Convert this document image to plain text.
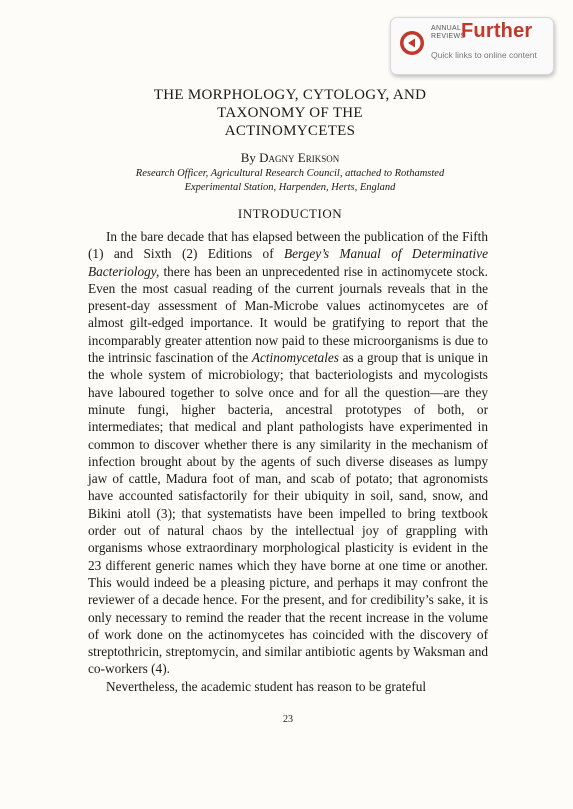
ANNUAL
REVIEWS
Further
Quick links to online content
THE MORPHOLOGY, CYTOLOGY, AND
TAXONOMY OF THE
ACTINOMYCETES
By Dagny Erikson
Research Officer, Agricultural Research Council, attached to Rothamsted
Experimental Station, Harpenden, Herts, England
INTRODUCTION

In the bare decade that has elapsed between the publication of the Fifth (1) and Sixth (2) Editions of Bergey’s Manual of Determinative Bacteriology, there has been an unprecedented rise in actinomycete stock. Even the most casual reading of the current journals reveals that in the present-day assessment of Man-Microbe values actinomycetes are of almost gilt-edged importance. It would be gratifying to report that the incomparably greater attention now paid to these microorganisms is due to the intrinsic fascination of the Actinomycetales as a group that is unique in the whole system of microbiology; that bacteriologists and mycologists have laboured together to solve once and for all the question—are they minute fungi, higher bacteria, ancestral prototypes of both, or intermediates; that medical and plant pathologists have experimented in common to discover whether there is any similarity in the mechanism of infection brought about by the agents of such diverse diseases as lumpy jaw of cattle, Madura foot of man, and scab of potato; that agronomists have accounted satisfactorily for their ubiquity in soil, sand, snow, and Bikini atoll (3); that systematists have been impelled to bring textbook order out of natural chaos by the intellectual joy of grappling with organisms whose extraordinary morphological plasticity is evident in the 23 different generic names which they have borne at one time or another. This would indeed be a pleasing picture, and perhaps it may confront the reviewer of a decade hence. For the present, and for credibility’s sake, it is only necessary to remind the reader that the recent increase in the volume of work done on the actinomycetes has coincided with the discovery of streptothricin, streptomycin, and similar antibiotic agents by Waksman and co-workers (4).

Nevertheless, the academic student has reason to be grateful

23
